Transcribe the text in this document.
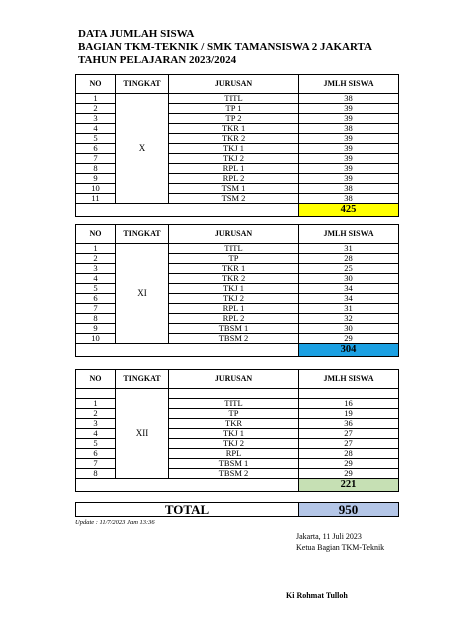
DATA JUMLAH SISWA
BAGIAN TKM-TEKNIK / SMK TAMANSISWA 2 JAKARTA
TAHUN PELAJARAN 2023/2024
NO	TINGKAT	JURUSAN	JMLH SISWA
1	X	TITL	38
2		TP 1	39
3		TP 2	39
4		TKR 1	38
5		TKR 2	39
6		TKJ 1	39
7		TKJ 2	39
8		RPL 1	39
9		RPL 2	39
10		TSM 1	38
11		TSM 2	38
			425
NO	TINGKAT	JURUSAN	JMLH SISWA
1	XI	TITL	31
2		TP	28
3		TKR 1	25
4		TKR 2	30
5		TKJ 1	34
6		TKJ 2	34
7		RPL 1	31
8		RPL 2	32
9		TBSM 1	30
10		TBSM 2	29
			304
NO	TINGKAT	JURUSAN	JMLH SISWA
	XII		
1		TITL	16
2		TP	19
3		TKR	36
4		TKJ 1	27
5		TKJ 2	27
6		RPL	28
7		TBSM 1	29
8		TBSM 2	29
			221
TOTAL	950
Update : 11/7/2023 Jam 13:36
Jakarta, 11 Juli 2023
Ketua Bagian TKM-Teknik
Ki Rohmat Tulloh
